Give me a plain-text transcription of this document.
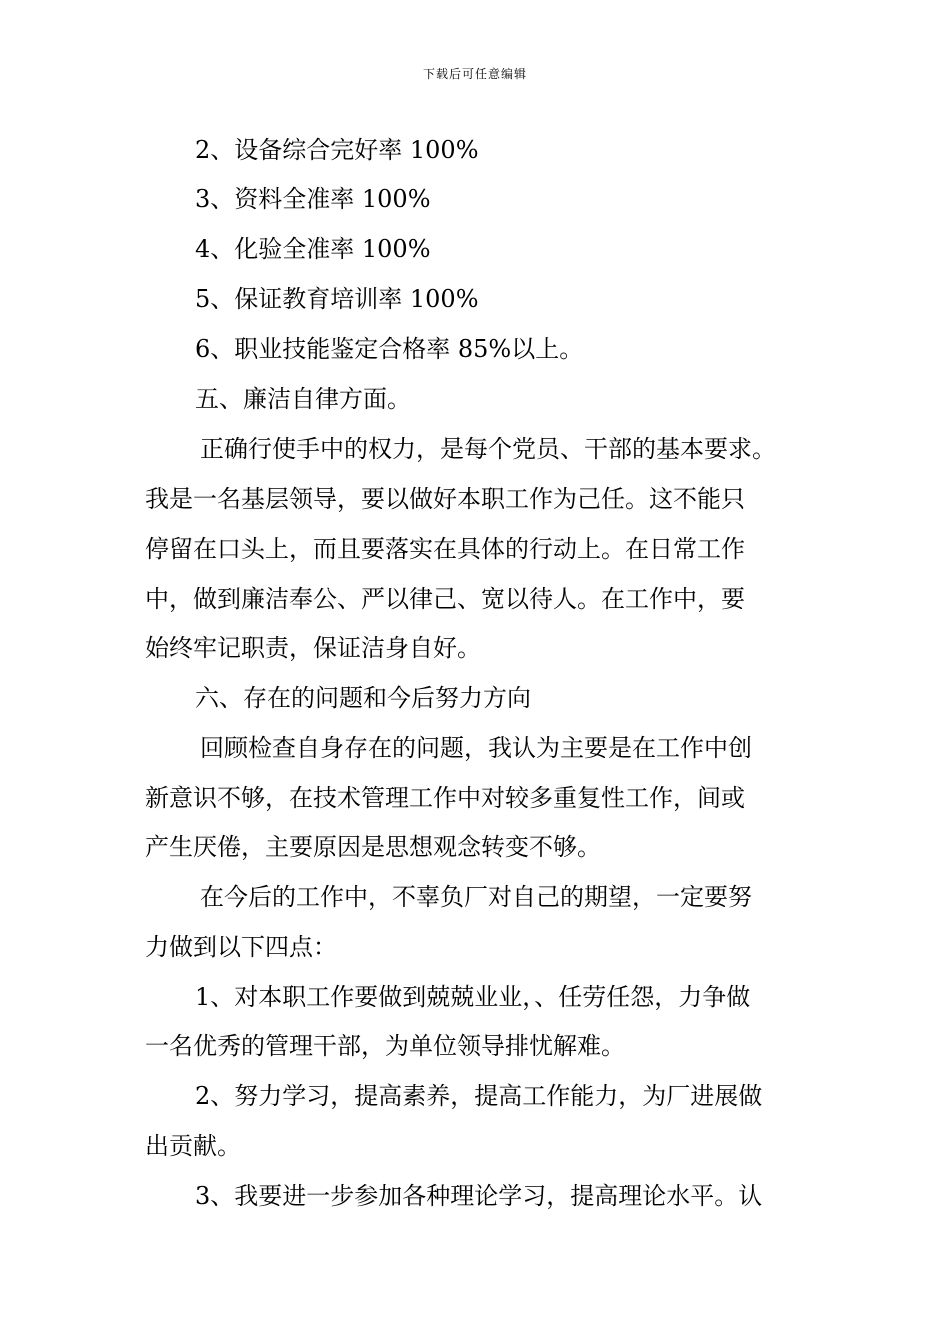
下载后可任意编辑
2、设备综合完好率 100%
3、资料全准率 100%
4、化验全准率 100%
5、保证教育培训率 100%
6、职业技能鉴定合格率 85%以上。
五、廉洁自律方面。
正确行使手中的权力，是每个党员、干部的基本要求。
我是一名基层领导，要以做好本职工作为己任。这不能只
停留在口头上，而且要落实在具体的行动上。在日常工作
中，做到廉洁奉公、严以律己、宽以待人。在工作中，要
始终牢记职责，保证洁身自好。
六、存在的问题和今后努力方向
回顾检查自身存在的问题，我认为主要是在工作中创
新意识不够，在技术管理工作中对较多重复性工作，间或
产生厌倦，主要原因是思想观念转变不够。
在今后的工作中，不辜负厂对自己的期望，一定要努
力做到以下四点：
1、对本职工作要做到兢兢业业，、任劳任怨，力争做
一名优秀的管理干部，为单位领导排忧解难。
2、努力学习，提高素养，提高工作能力，为厂进展做
出贡献。
3、我要进一步参加各种理论学习，提高理论水平。认
